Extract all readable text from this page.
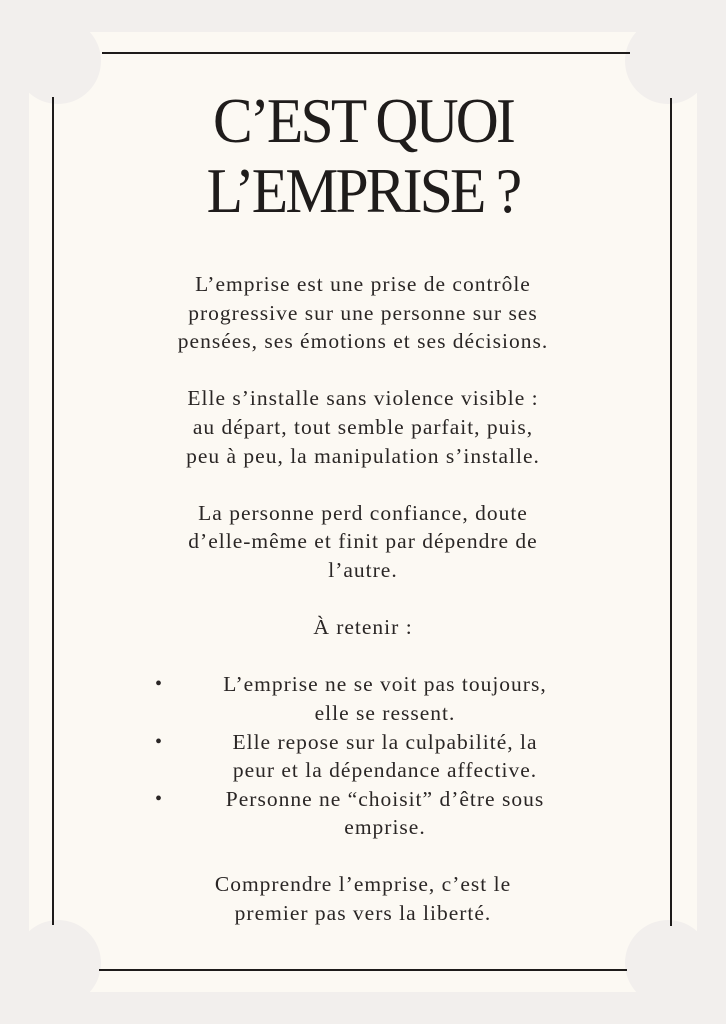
C’EST QUOI
L’EMPRISE ?

L’emprise est une prise de contrôle
progressive sur une personne sur ses
pensées, ses émotions et ses décisions.

Elle s’installe sans violence visible :
au départ, tout semble parfait, puis,
peu à peu, la manipulation s’installe.

La personne perd confiance, doute
d’elle-même et finit par dépendre de
l’autre.

À retenir :

•	L’emprise ne se voit pas toujours,
elle se ressent.
•	Elle repose sur la culpabilité, la
peur et la dépendance affective.
•	Personne ne “choisit” d’être sous
emprise.

Comprendre l’emprise, c’est le
premier pas vers la liberté.
